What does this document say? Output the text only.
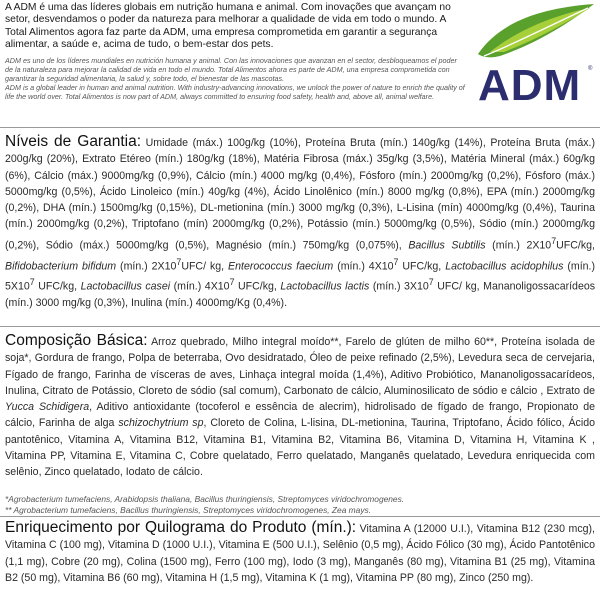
A ADM é uma das líderes globais em nutrição humana e animal. Com inovações que avançam no setor, desvendamos o poder da natureza para melhorar a qualidade de vida em todo o mundo. A Total Alimentos agora faz parte da ADM, uma empresa comprometida em garantir a segurança alimentar, a saúde e, acima de tudo, o bem-estar dos pets.

ADM es uno de los líderes mundiales en nutrición humana y animal. Con las innovaciones que avanzan en el sector, desbloqueamos el poder de la naturaleza para mejorar la calidad de vida en todo el mundo. Total Alimentos ahora es parte de ADM, una empresa comprometida con garantizar la seguridad alimentaria, la salud y, sobre todo, el bienestar de las mascotas.

ADM is a global leader in human and animal nutrition. With industry-advancing innovations, we unlock the power of nature to enrich the quality of life the world over. Total Alimentos is now part of ADM, always committed to ensuring food safety, health and, above all, animal welfare. ADM ®

Níveis de Garantia: Umidade (máx.) 100g/kg (10%), Proteína Bruta (mín.) 140g/kg (14%), Proteína Bruta (máx.) 200g/kg (20%), Extrato Etéreo (mín.) 180g/kg (18%), Matéria Fibrosa (máx.) 35g/kg (3,5%), Matéria Mineral (máx.) 60g/kg (6%), Cálcio (máx.) 9000mg/kg (0,9%), Cálcio (mín.) 4000 mg/kg (0,4%), Fósforo (mín.) 2000mg/kg (0,2%), Fósforo (máx.) 5000mg/kg (0,5%), Ácido Linoleico (mín.) 40g/kg (4%), Ácido Linolênico (mín.) 8000 mg/kg (0,8%), EPA (mín.) 2000mg/kg (0,2%), DHA (mín.) 1500mg/kg (0,15%), DL-metionina (mín.) 3000 mg/kg (0,3%), L-Lisina (mín) 4000mg/kg (0,4%), Taurina (mín.) 2000mg/kg (0,2%), Triptofano (mín) 2000mg/kg (0,2%), Potássio (mín.) 5000mg/kg (0,5%), Sódio (mín.) 2000mg/kg (0,2%), Sódio (máx.) 5000mg/kg (0,5%), Magnésio (mín.) 750mg/kg (0,075%), Bacillus Subtilis (mín.) $2X10^7UFC/kg$, Bifidobacterium bifidum (mín.) $2X10^7UFC/$ kg, Enterococcus faecium (mín.) $4X10^7$ UFC/kg, Lactobacillus acidophilus (mín.) $5X10^7$ UFC/kg, Lactobacillus casei (mín.) $4X10^7$ UFC/kg, Lactobacillus lactis (mín.) $3X10^7$ UFC/ kg, Mananoligossacarídeos (mín.) 3000 mg/kg (0,3%), Inulina (mín.) 4000mg/Kg (0,4%).

Composição Básica: Arroz quebrado, Milho integral moído**, Farelo de glúten de milho 60**, Proteína isolada de soja*, Gordura de frango, Polpa de beterraba, Ovo desidratado, Óleo de peixe refinado (2,5%), Levedura seca de cervejaria, Fígado de frango, Farinha de vísceras de aves, Linhaça integral moída (1,4%), Aditivo Probiótico, Mananoligossacarídeos, Inulina, Citrato de Potássio, Cloreto de sódio (sal comum), Carbonato de cálcio, Aluminosilicato de sódio e cálcio , Extrato de Yucca Schidigera, Aditivo antioxidante (tocoferol e essência de alecrim), hidrolisado de fígado de frango, Propionato de cálcio, Farinha de alga schizochytrium sp, Cloreto de Colina, L-lisina, DL-metionina, Taurina, Triptofano, Ácido fólico, Ácido pantotênico, Vitamina A, Vitamina B12, Vitamina B1, Vitamina B2, Vitamina B6, Vitamina D, Vitamina H, Vitamina K , Vitamina PP, Vitamina E, Vitamina C, Cobre quelatado, Ferro quelatado, Manganês quelatado, Levedura enriquecida com selênio, Zinco quelatado, Iodato de cálcio.

*Agrobacterium tumefaciens, Arabidopsis thaliana, Bacillus thuringiensis, Streptomyces viridochromogenes.

** Agrobacterium tumefaciens, Bacillus thuringiensis, Streptomyces viridochromogenes, Zea mays.

Enriquecimento por Quilograma do Produto (mín.): Vitamina A (12000 U.I.), Vitamina B12 (230 mcg), Vitamina C (100 mg), Vitamina D (1000 U.I.), Vitamina E (500 U.I.), Selênio (0,5 mg), Ácido Fólico (30 mg), Ácido Pantotênico (1,1 mg), Cobre (20 mg), Colina (1500 mg), Ferro (100 mg), Iodo (3 mg), Manganês (80 mg), Vitamina B1 (25 mg), Vitamina B2 (50 mg), Vitamina B6 (60 mg), Vitamina H (1,5 mg), Vitamina K (1 mg), Vitamina PP (80 mg), Zinco (250 mg).
